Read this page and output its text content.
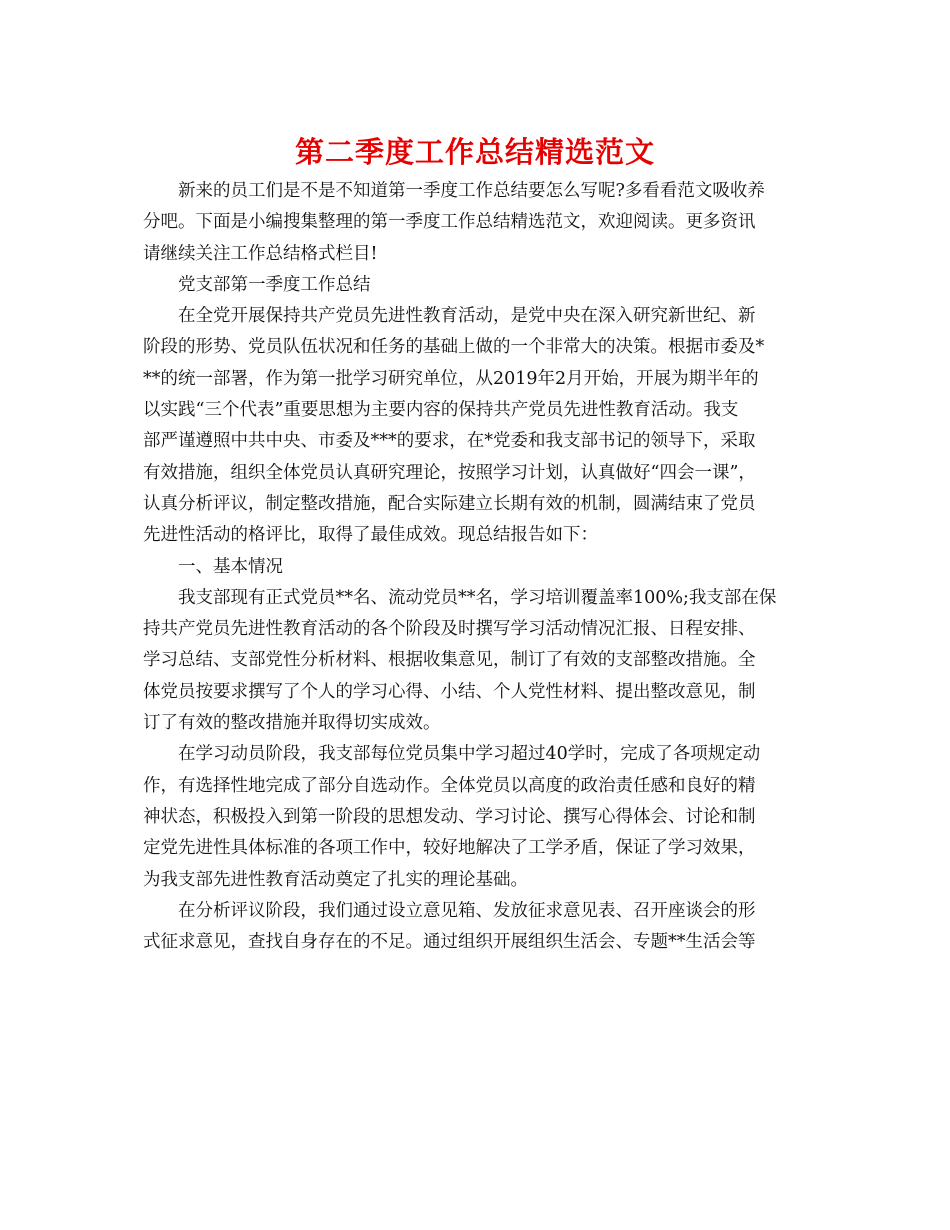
第二季度工作总结精选范文
新来的员工们是不是不知道第一季度工作总结要怎么写呢?多看看范文吸收养
分吧。下面是小编搜集整理的第一季度工作总结精选范文，欢迎阅读。更多资讯
请继续关注工作总结格式栏目!
党支部第一季度工作总结
在全党开展保持共产党员先进性教育活动，是党中央在深入研究新世纪、新
阶段的形势、党员队伍状况和任务的基础上做的一个非常大的决策。根据市委及*
**的统一部署，作为第一批学习研究单位，从2019年2月开始，开展为期半年的
以实践“三个代表”重要思想为主要内容的保持共产党员先进性教育活动。我支
部严谨遵照中共中央、市委及***的要求，在*党委和我支部书记的领导下，采取
有效措施，组织全体党员认真研究理论，按照学习计划，认真做好“四会一课”，
认真分析评议，制定整改措施，配合实际建立长期有效的机制，圆满结束了党员
先进性活动的格评比，取得了最佳成效。现总结报告如下：
一、基本情况
我支部现有正式党员**名、流动党员**名，学习培训覆盖率100%;我支部在保
持共产党员先进性教育活动的各个阶段及时撰写学习活动情况汇报、日程安排、
学习总结、支部党性分析材料、根据收集意见，制订了有效的支部整改措施。全
体党员按要求撰写了个人的学习心得、小结、个人党性材料、提出整改意见，制
订了有效的整改措施并取得切实成效。
在学习动员阶段，我支部每位党员集中学习超过40学时，完成了各项规定动
作，有选择性地完成了部分自选动作。全体党员以高度的政治责任感和良好的精
神状态，积极投入到第一阶段的思想发动、学习讨论、撰写心得体会、讨论和制
定党先进性具体标准的各项工作中，较好地解决了工学矛盾，保证了学习效果，
为我支部先进性教育活动奠定了扎实的理论基础。
在分析评议阶段，我们通过设立意见箱、发放征求意见表、召开座谈会的形
式征求意见，查找自身存在的不足。通过组织开展组织生活会、专题**生活会等
